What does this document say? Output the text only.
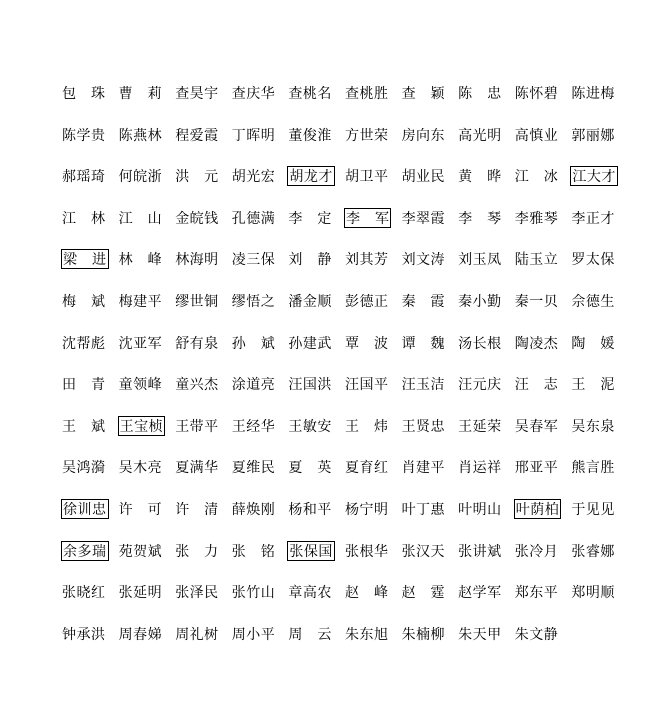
包　珠 曹　莉 查昊宇 查庆华 查桃名 查桃胜 查　颖 陈　忠 陈怀碧 陈进梅
陈学贵 陈燕林 程爱霞 丁晖明 董俊淮 方世荣 房向东 高光明 高慎业 郭丽娜
郝瑶琦 何皖浙 洪　元 胡光宏 胡龙才 胡卫平 胡业民 黄　晔 江　冰 江大才
江　林 江　山 金皖钱 孔德满 李　定 李　军 李翠霞 李　琴 李雅琴 李正才
梁　进 林　峰 林海明 凌三保 刘　静 刘其芳 刘文涛 刘玉凤 陆玉立 罗太保
梅　斌 梅建平 缪世铜 缪悟之 潘金顺 彭德正 秦　霞 秦小勤 秦一贝 佘德生
沈帮彪 沈亚军 舒有泉 孙　斌 孙建武 覃　波 谭　魏 汤长根 陶凌杰 陶　媛
田　青 童领峰 童兴杰 涂道亮 汪国洪 汪国平 汪玉洁 汪元庆 汪　志 王　泥
王　斌 王宝桢 王带平 王经华 王敏安 王　炜 王贤忠 王延荣 吴春军 吴东泉
吴鸿漪 吴木亮 夏满华 夏维民 夏　英 夏育红 肖建平 肖运祥 邢亚平 熊言胜
徐训忠 许　可 许　清 薛焕刚 杨和平 杨宁明 叶丁惠 叶明山 叶荫柏 于见见
余多瑞 苑贺斌 张　力 张　铭 张保国 张根华 张汉天 张讲斌 张冷月 张睿娜
张晓红 张延明 张泽民 张竹山 章高农 赵　峰 赵　霆 赵学军 郑东平 郑明顺
钟承洪 周春娣 周礼树 周小平 周　云 朱东旭 朱楠柳 朱天甲 朱文静
